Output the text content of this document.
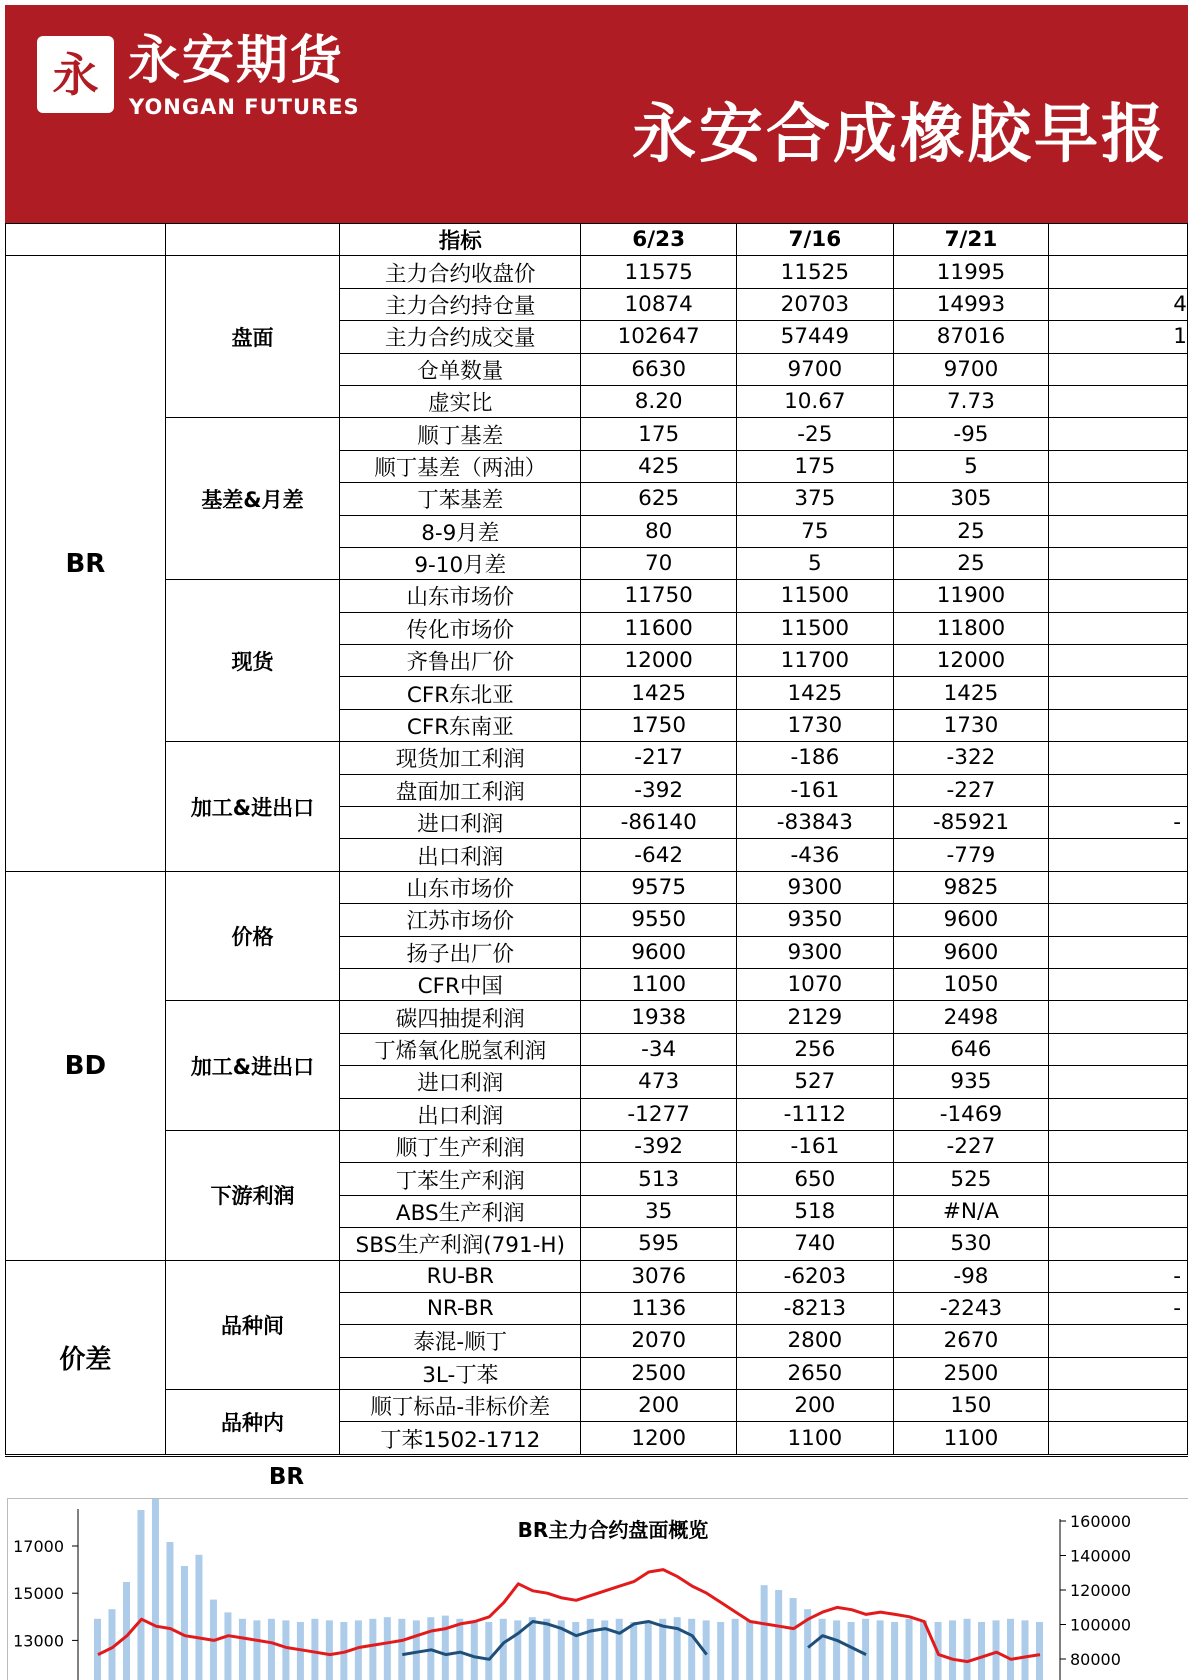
永 永安期货
YONGAN FUTURES	永安合成橡胶早报
		指标	6/23	7/16	7/21	
BR	盘面	主力合约收盘价	11575	11525	11995	
		主力合约持仓量	10874	20703	14993	4
		主力合约成交量	102647	57449	87016	1
		仓单数量	6630	9700	9700	
		虚实比	8.20	10.67	7.73	
	基差&月差	顺丁基差	175	-25	-95	
		顺丁基差（两油）	425	175	5	
		丁苯基差	625	375	305	
		8-9月差	80	75	25	
		9-10月差	70	5	25	
	现货	山东市场价	11750	11500	11900	
		传化市场价	11600	11500	11800	
		齐鲁出厂价	12000	11700	12000	
		CFR东北亚	1425	1425	1425	
		CFR东南亚	1750	1730	1730	
	加工&进出口	现货加工利润	-217	-186	-322	
		盘面加工利润	-392	-161	-227	
		进口利润	-86140	-83843	-85921	-
		出口利润	-642	-436	-779	
BD	价格	山东市场价	9575	9300	9825	
		江苏市场价	9550	9350	9600	
		扬子出厂价	9600	9300	9600	
		CFR中国	1100	1070	1050	
	加工&进出口	碳四抽提利润	1938	2129	2498	
		丁烯氧化脱氢利润	-34	256	646	
		进口利润	473	527	935	
		出口利润	-1277	-1112	-1469	
	下游利润	顺丁生产利润	-392	-161	-227	
		丁苯生产利润	513	650	525	
		ABS生产利润	35	518	#N/A	
		SBS生产利润(791-H)	595	740	530	
价差	品种间	RU-BR	3076	-6203	-98	-
		NR-BR	1136	-8213	-2243	-
		泰混-顺丁	2070	2800	2670	
		3L-丁苯	2500	2650	2500	
	品种内	顺丁标品-非标价差	200	200	150	
		丁苯1502-1712	1200	1100	1100	
BR
BR主力合约盘面概览
17000
15000
13000
160000
140000
120000
100000
80000
